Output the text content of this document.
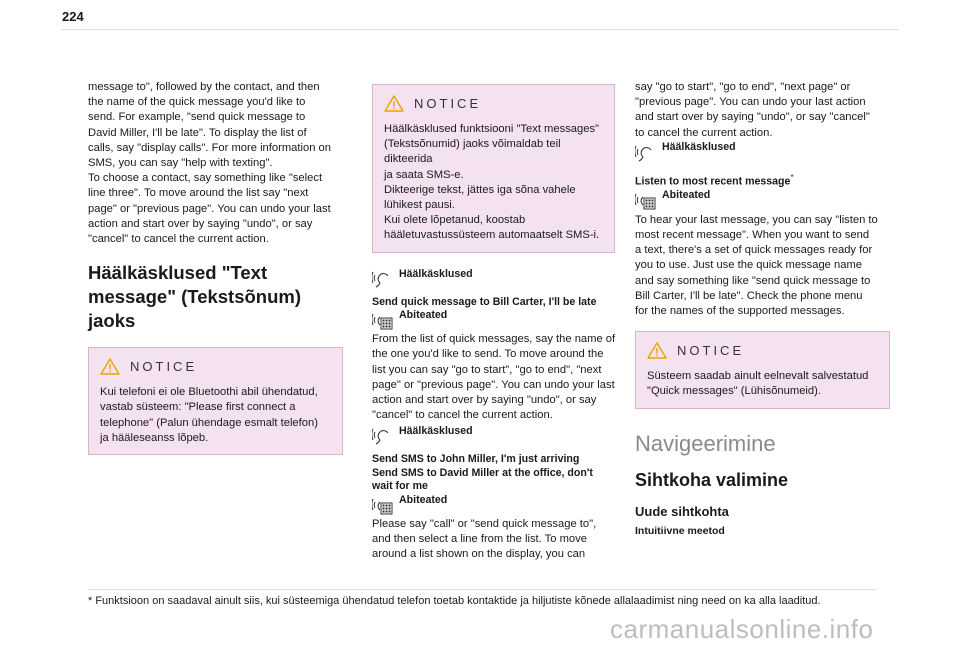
224
message to", followed by the contact, and then
the name of the quick message you'd like to
send. For example, "send quick message to
David Miller, I'll be late". To display the list of
calls, say "display calls". For more information on
SMS, you can say "help with texting".
To choose a contact, say something like "select
line three". To move around the list say "next
page" or "previous page". You can undo your last
action and start over by saying "undo", or say
"cancel" to cancel the current action.
Häälkäsklused "Text
message" (Tekstsõnum)
jaoks
NOTICE
Kui telefoni ei ole Bluetoothi abil ühendatud,
vastab süsteem: "Please first connect a
telephone" (Palun ühendage esmalt telefon)
ja hääleseanss lõpeb.
NOTICE
Häälkäsklused funktsiooni "Text messages"
(Tekstsõnumid) jaoks võimaldab teil dikteerida
ja saata SMS-e.
Dikteerige tekst, jättes iga sõna vahele
lühikest pausi.
Kui olete lõpetanud, koostab
hääletuvastussüsteem automaatselt SMS-i.
Häälkäsklused
Send quick message to Bill Carter, I'll be late
Abiteated
From the list of quick messages, say the name of
the one you'd like to send. To move around the
list you can say "go to start", "go to end", "next
page" or "previous page". You can undo your last
action and start over by saying "undo", or say
"cancel" to cancel the current action.
Häälkäsklused
Send SMS to John Miller, I'm just arriving
Send SMS to David Miller at the office, don't
wait for me
Abiteated
Please say "call" or "send quick message to",
and then select a line from the list. To move
around a list shown on the display, you can
say "go to start", "go to end", "next page" or
"previous page". You can undo your last action
and start over by saying "undo", or say "cancel"
to cancel the current action.
Häälkäsklused
Listen to most recent message*
Abiteated
To hear your last message, you can say "listen to
most recent message". When you want to send
a text, there's a set of quick messages ready for
you to use. Just use the quick message name
and say something like "send quick message to
Bill Carter, I'll be late". Check the phone menu
for the names of the supported messages.
NOTICE
Süsteem saadab ainult eelnevalt salvestatud
"Quick messages" (Lühisõnumeid).
Navigeerimine
Sihtkoha valimine
Uude sihtkohta
Intuitiivne meetod
* Funktsioon on saadaval ainult siis, kui süsteemiga ühendatud telefon toetab kontaktide ja hiljutiste kõnede allalaadimist ning need on ka alla laaditud.
carmanualsonline.info
